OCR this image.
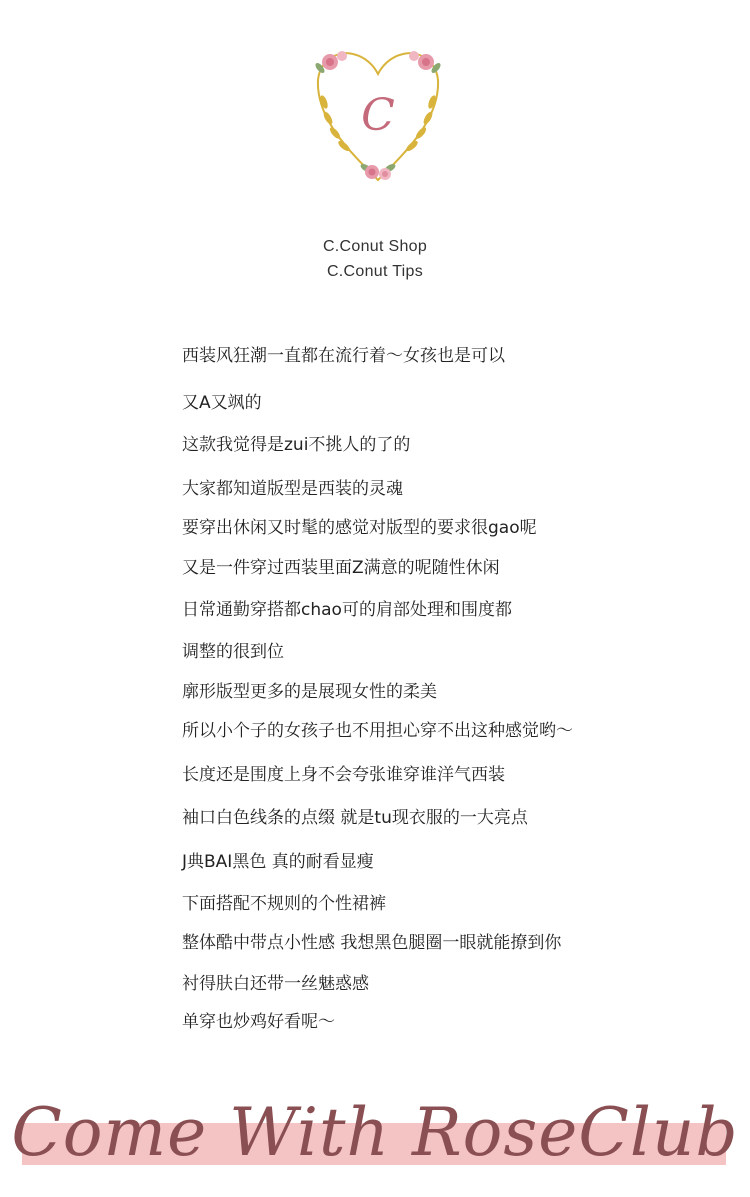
C
C.Conut Shop
C.Conut Tips
西装风狂潮一直都在流行着～女孩也是可以
又A又飒的
这款我觉得是zui不挑人的了的
大家都知道版型是西装的灵魂
要穿出休闲又时髦的感觉对版型的要求很gao呢
又是一件穿过西装里面Z满意的呢随性休闲
日常通勤穿搭都chao可的肩部处理和围度都
调整的很到位
廓形版型更多的是展现女性的柔美
所以小个子的女孩子也不用担心穿不出这种感觉哟～
长度还是围度上身不会夸张谁穿谁洋气西装
袖口白色线条的点缀 就是tu现衣服的一大亮点
J典BAI黑色 真的耐看显瘦
下面搭配不规则的个性裙裤
整体酷中带点小性感 我想黑色腿圈一眼就能撩到你
衬得肤白还带一丝魅惑感
单穿也炒鸡好看呢～
Come With RoseClub
